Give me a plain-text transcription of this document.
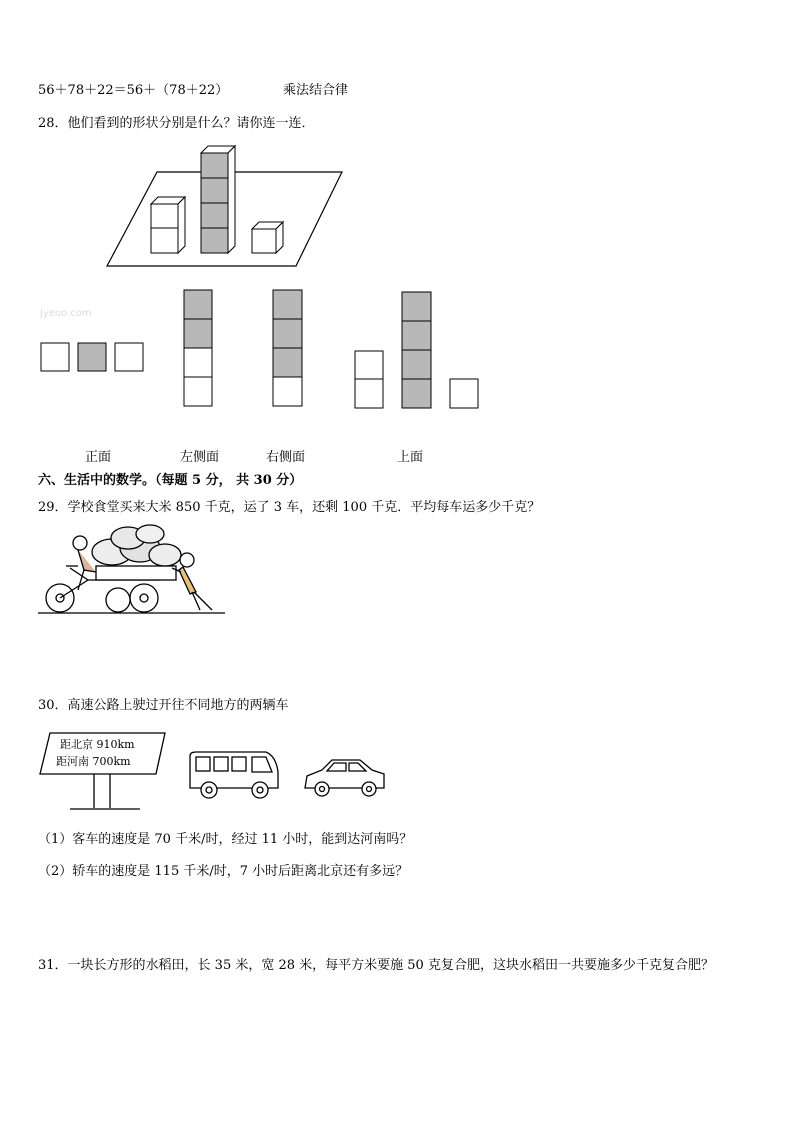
56＋78＋22＝56＋（78＋22）	乘法结合律
28．他们看到的形状分别是什么？请你连一连．
Jyeoo.com
正面	左侧面	右侧面	上面
六、生活中的数学。（每题 5 分， 共 30 分）
29．学校食堂买来大米 850 千克，运了 3 车，还剩 100 千克．平均每车运多少千克？
30．高速公路上驶过开往不同地方的两辆车
距北京 910km
距河南 700km
（1）客车的速度是 70 千米/时，经过 11 小时，能到达河南吗？
（2）轿车的速度是 115 千米/时，7 小时后距离北京还有多远？
31．一块长方形的水稻田，长 35 米，宽 28 米，每平方米要施 50 克复合肥，这块水稻田一共要施多少千克复合肥？
